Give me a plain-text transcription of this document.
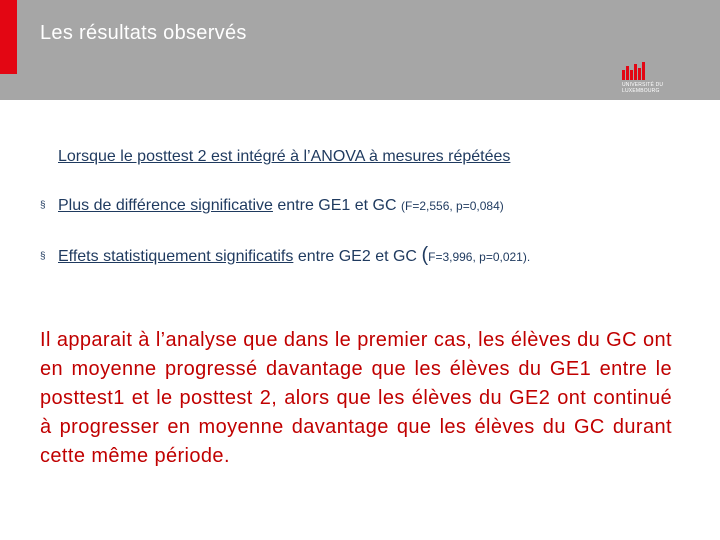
Les résultats observés
UNIVERSITÉ DU
LUXEMBOURG
Lorsque le posttest 2 est intégré à l’ANOVA à mesures répétées
§ Plus de différence significative entre GE1 et GC (F=2,556, p=0,084)
§ Effets statistiquement significatifs entre GE2 et GC (F=3,996, p=0,021).
Il apparait à l’analyse que dans le premier cas, les élèves du GC ont en moyenne progressé davantage que les élèves du GE1 entre le posttest1 et le posttest 2, alors que les élèves du GE2 ont continué à progresser en moyenne davantage que les élèves du GC durant cette même période.
